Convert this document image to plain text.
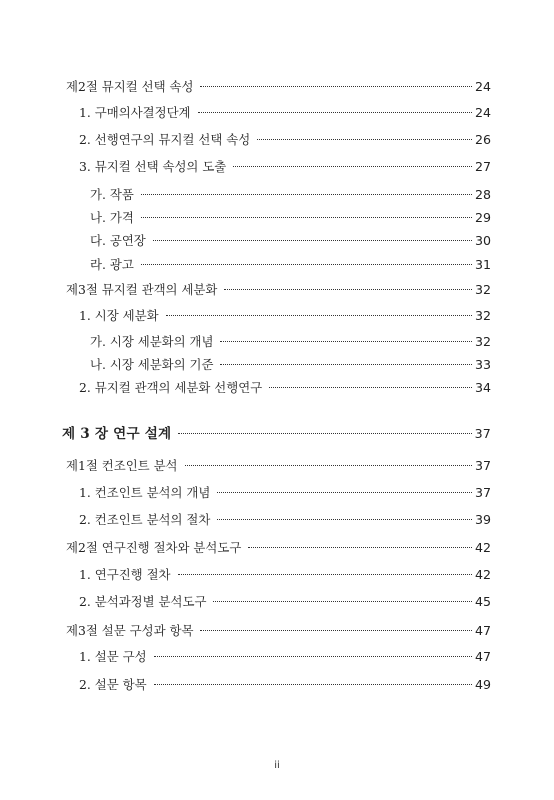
제2절 뮤지컬 선택 속성	24
1. 구매의사결정단계	24
2. 선행연구의 뮤지컬 선택 속성	26
3. 뮤지컬 선택 속성의 도출	27
가. 작품	28
나. 가격	29
다. 공연장	30
라. 광고	31
제3절 뮤지컬 관객의 세분화	32
1. 시장 세분화	32
가. 시장 세분화의 개념	32
나. 시장 세분화의 기준	33
2. 뮤지컬 관객의 세분화 선행연구	34
제 3 장 연구 설계	37
제1절 컨조인트 분석	37
1. 컨조인트 분석의 개념	37
2. 컨조인트 분석의 절차	39
제2절 연구진행 절차와 분석도구	42
1. 연구진행 절차	42
2. 분석과정별 분석도구	45
제3절 설문 구성과 항목	47
1. 설문 구성	47
2. 설문 항목	49
ii
